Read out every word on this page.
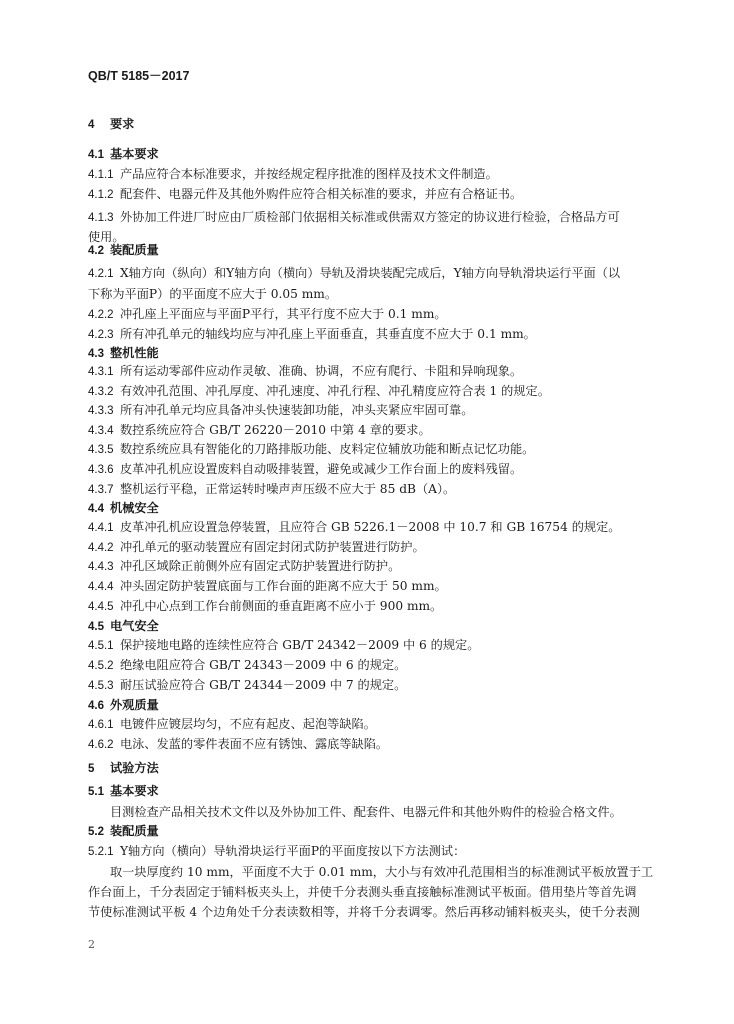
QB/T 5185－2017
4 要求
4.1 基本要求
4.1.1 产品应符合本标准要求，并按经规定程序批准的图样及技术文件制造。
4.1.2 配套件、电器元件及其他外购件应符合相关标准的要求，并应有合格证书。
4.1.3 外协加工件进厂时应由厂质检部门依据相关标准或供需双方签定的协议进行检验，合格品方可
使用。
4.2 装配质量
4.2.1 X轴方向（纵向）和Y轴方向（横向）导轨及滑块装配完成后，Y轴方向导轨滑块运行平面（以
下称为平面P）的平面度不应大于 0.05 mm。
4.2.2 冲孔座上平面应与平面P平行，其平行度不应大于 0.1 mm。
4.2.3 所有冲孔单元的轴线均应与冲孔座上平面垂直，其垂直度不应大于 0.1 mm。
4.3 整机性能
4.3.1 所有运动零部件应动作灵敏、准确、协调，不应有爬行、卡阻和异响现象。
4.3.2 有效冲孔范围、冲孔厚度、冲孔速度、冲孔行程、冲孔精度应符合表 1 的规定。
4.3.3 所有冲孔单元均应具备冲头快速装卸功能，冲头夹紧应牢固可靠。
4.3.4 数控系统应符合 GB/T 26220－2010 中第 4 章的要求。
4.3.5 数控系统应具有智能化的刀路排版功能、皮料定位辅放功能和断点记忆功能。
4.3.6 皮革冲孔机应设置废料自动吸排装置，避免或减少工作台面上的废料残留。
4.3.7 整机运行平稳，正常运转时噪声声压级不应大于 85 dB（A）。
4.4 机械安全
4.4.1 皮革冲孔机应设置急停装置，且应符合 GB 5226.1－2008 中 10.7 和 GB 16754 的规定。
4.4.2 冲孔单元的驱动装置应有固定封闭式防护装置进行防护。
4.4.3 冲孔区域除正前侧外应有固定式防护装置进行防护。
4.4.4 冲头固定防护装置底面与工作台面的距离不应大于 50 mm。
4.4.5 冲孔中心点到工作台前侧面的垂直距离不应小于 900 mm。
4.5 电气安全
4.5.1 保护接地电路的连续性应符合 GB/T 24342－2009 中 6 的规定。
4.5.2 绝缘电阻应符合 GB/T 24343－2009 中 6 的规定。
4.5.3 耐压试验应符合 GB/T 24344－2009 中 7 的规定。
4.6 外观质量
4.6.1 电镀件应镀层均匀，不应有起皮、起泡等缺陷。
4.6.2 电泳、发蓝的零件表面不应有锈蚀、露底等缺陷。
5 试验方法
5.1 基本要求
目测检查产品相关技术文件以及外协加工件、配套件、电器元件和其他外购件的检验合格文件。
5.2 装配质量
5.2.1 Y轴方向（横向）导轨滑块运行平面P的平面度按以下方法测试：
取一块厚度约 10 mm，平面度不大于 0.01 mm，大小与有效冲孔范围相当的标准测试平板放置于工
作台面上，千分表固定于铺料板夹头上，并使千分表测头垂直接触标准测试平板面。借用垫片等首先调
节使标准测试平板 4 个边角处千分表读数相等，并将千分表调零。然后再移动铺料板夹头，使千分表测
2
